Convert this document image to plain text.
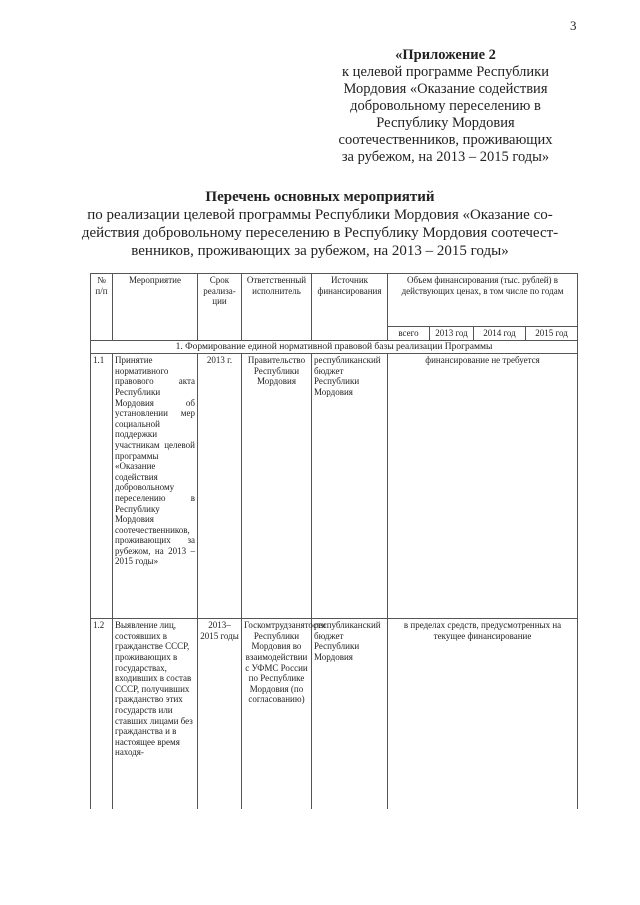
3
«Приложение 2
к целевой программе Республики
Мордовия «Оказание содействия
добровольному переселению в
Республику Мордовия
соотечественников, проживающих
за рубежом, на 2013 – 2015 годы»
Перечень основных мероприятий
по реализации целевой программы Республики Мордовия «Оказание со-
действия добровольному переселению в Республику Мордовия соотечест-
венников, проживающих за рубежом, на 2013 – 2015 годы»
№ п/п	Мероприятие	Срок реализа-ции	Ответственный исполнитель	Источник финансирования	Объем финансирования (тыс. рублей) в действующих ценах, в том числе по годам			
					всего	2013 год	2014 год	2015 год
1. Формирование единой нормативной правовой базы реализации Программы								
1.1	Принятие нормативного правового акта Республики Мордовия об установлении мер социальной поддержки участникам целевой программы «Оказание содействия добровольному переселению в Республику Мордовия соотечественников, проживающих за рубежом, на 2013 – 2015 годы»	2013 г.	Правительство Республики Мордовия	республиканский бюджет Республики Мордовия	финансирование не требуется			
1.2	Выявление лиц, состоявших в гражданстве СССР, проживающих в государствах, входивших в состав СССР, получивших гражданство этих государств или ставших лицами без гражданства и в настоящее время находя-	2013–2015 годы	Госкомтрудзанятости Республики Мордовия во взаимодействии с УФМС России по Республике Мордовия (по согласованию)	республиканский бюджет Республики Мордовия	в пределах средств, предусмотренных на текущее финансирование			
